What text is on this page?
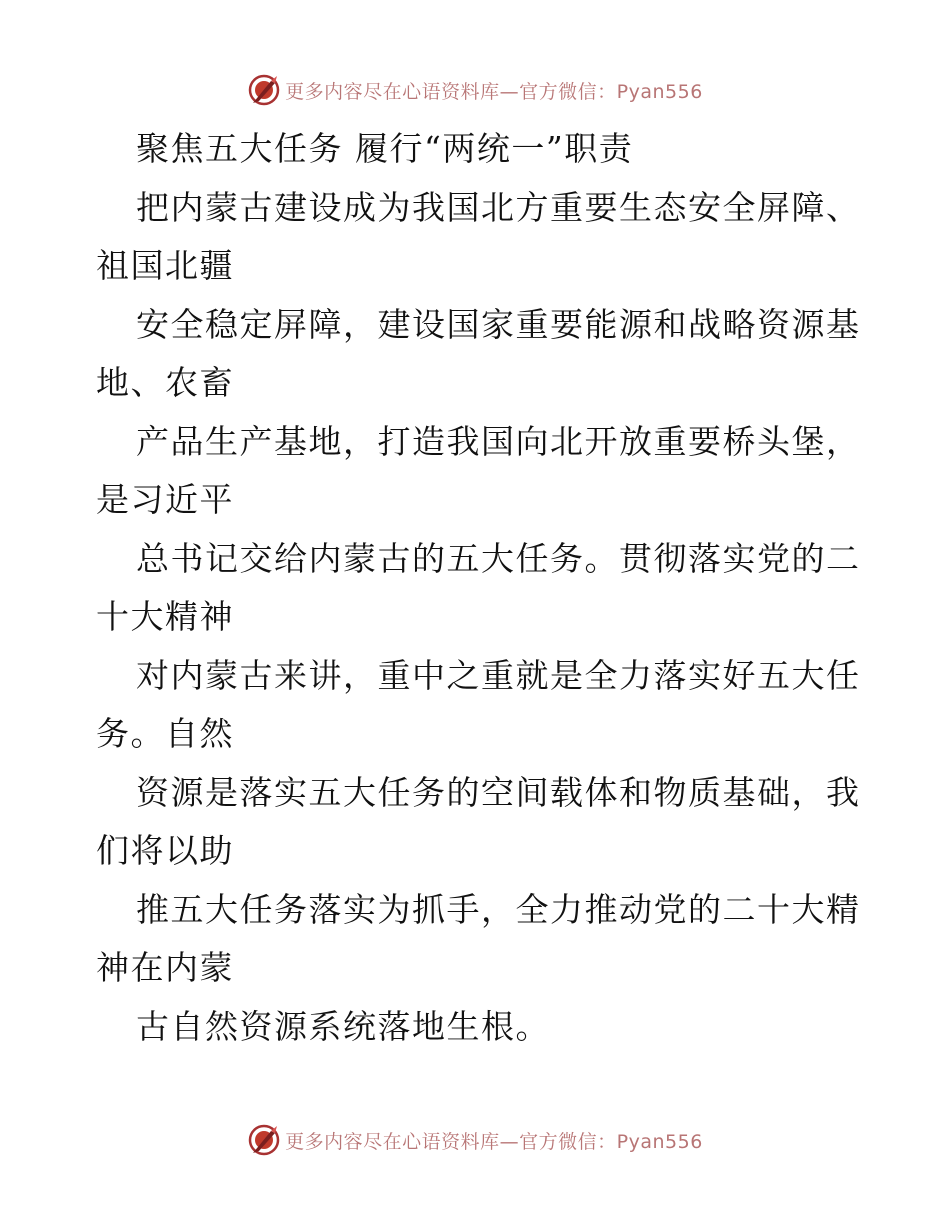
更多内容尽在心语资料库—官方微信：Pyan556
聚焦五大任务 履行“两统一”职责
把内蒙古建设成为我国北方重要生态安全屏障、
祖国北疆
安全稳定屏障，建设国家重要能源和战略资源基
地、农畜
产品生产基地，打造我国向北开放重要桥头堡，
是习近平
总书记交给内蒙古的五大任务。贯彻落实党的二
十大精神
对内蒙古来讲，重中之重就是全力落实好五大任
务。自然
资源是落实五大任务的空间载体和物质基础，我
们将以助
推五大任务落实为抓手，全力推动党的二十大精
神在内蒙
古自然资源系统落地生根。
更多内容尽在心语资料库—官方微信：Pyan556
